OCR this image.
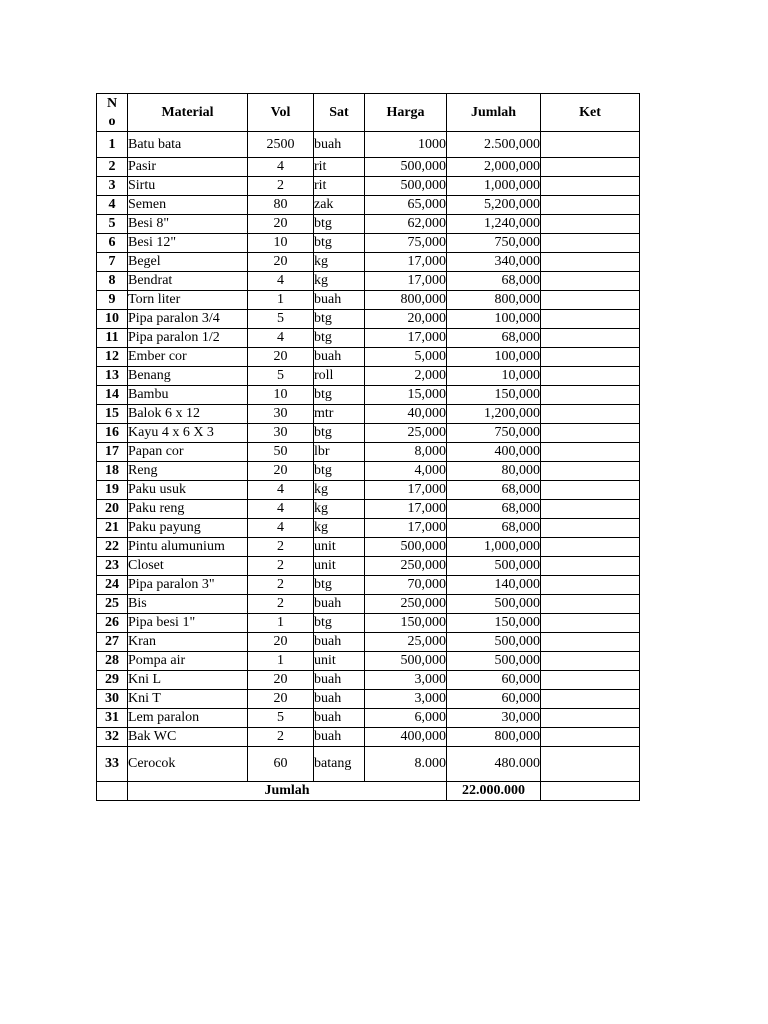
N
o	Material	Vol	Sat	Harga	Jumlah	Ket
1	Batu bata	2500	buah	1000	2.500,000	
2	Pasir	4	rit	500,000	2,000,000	
3	Sirtu	2	rit	500,000	1,000,000	
4	Semen	80	zak	65,000	5,200,000	
5	Besi 8"	20	btg	62,000	1,240,000	
6	Besi 12"	10	btg	75,000	750,000	
7	Begel	20	kg	17,000	340,000	
8	Bendrat	4	kg	17,000	68,000	
9	Torn liter	1	buah	800,000	800,000	
10	Pipa paralon 3/4	5	btg	20,000	100,000	
11	Pipa paralon 1/2	4	btg	17,000	68,000	
12	Ember cor	20	buah	5,000	100,000	
13	Benang	5	roll	2,000	10,000	
14	Bambu	10	btg	15,000	150,000	
15	Balok 6 x 12	30	mtr	40,000	1,200,000	
16	Kayu 4 x 6 X 3	30	btg	25,000	750,000	
17	Papan cor	50	lbr	8,000	400,000	
18	Reng	20	btg	4,000	80,000	
19	Paku usuk	4	kg	17,000	68,000	
20	Paku reng	4	kg	17,000	68,000	
21	Paku payung	4	kg	17,000	68,000	
22	Pintu alumunium	2	unit	500,000	1,000,000	
23	Closet	2	unit	250,000	500,000	
24	Pipa paralon 3"	2	btg	70,000	140,000	
25	Bis	2	buah	250,000	500,000	
26	Pipa besi 1"	1	btg	150,000	150,000	
27	Kran	20	buah	25,000	500,000	
28	Pompa air	1	unit	500,000	500,000	
29	Kni L	20	buah	3,000	60,000	
30	Kni T	20	buah	3,000	60,000	
31	Lem paralon	5	buah	6,000	30,000	
32	Bak WC	2	buah	400,000	800,000	
33	Cerocok	60	batang	8.000	480.000	
	Jumlah				22.000.000	
